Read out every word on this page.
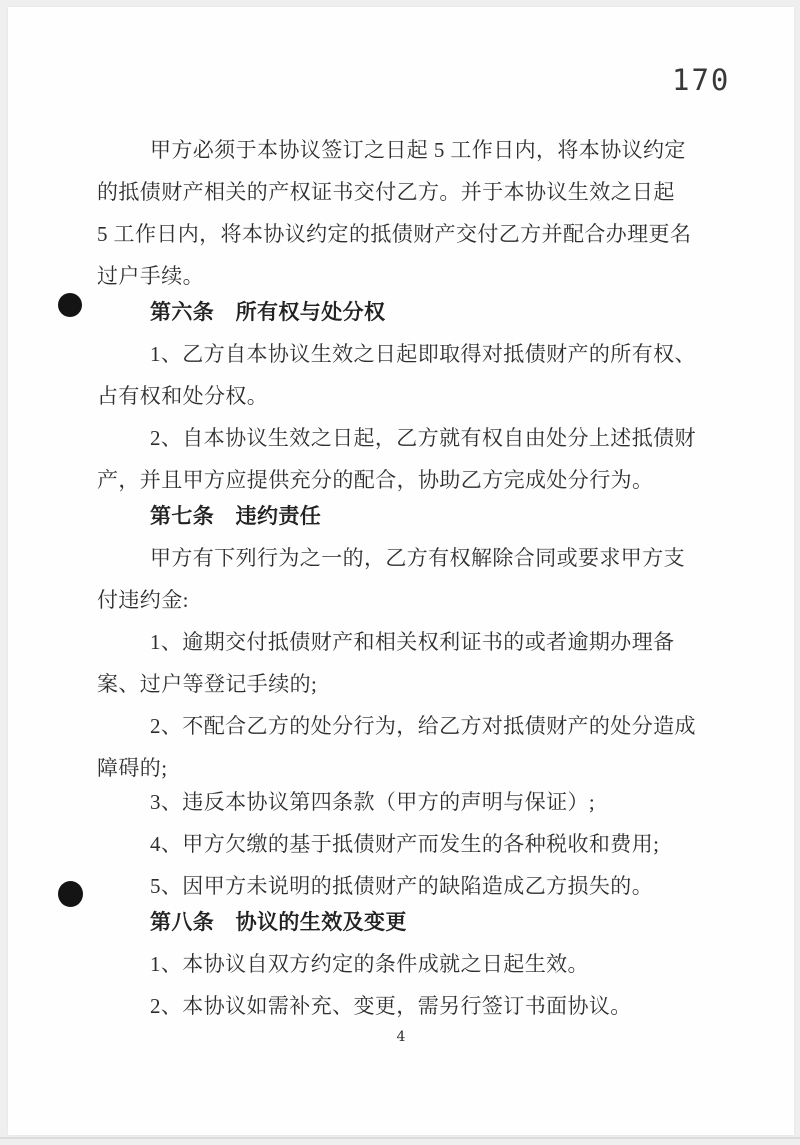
170
甲方必须于本协议签订之日起 5 工作日内，将本协议约定
的抵债财产相关的产权证书交付乙方。并于本协议生效之日起
5 工作日内，将本协议约定的抵债财产交付乙方并配合办理更名
过户手续。
第六条　所有权与处分权
1、乙方自本协议生效之日起即取得对抵债财产的所有权、
占有权和处分权。
2、自本协议生效之日起，乙方就有权自由处分上述抵债财
产，并且甲方应提供充分的配合，协助乙方完成处分行为。
第七条　违约责任
甲方有下列行为之一的，乙方有权解除合同或要求甲方支
付违约金:
1、逾期交付抵债财产和相关权利证书的或者逾期办理备
案、过户等登记手续的;
2、不配合乙方的处分行为，给乙方对抵债财产的处分造成
障碍的;
3、违反本协议第四条款（甲方的声明与保证）;
4、甲方欠缴的基于抵债财产而发生的各种税收和费用;
5、因甲方未说明的抵债财产的缺陷造成乙方损失的。
第八条　协议的生效及变更
1、本协议自双方约定的条件成就之日起生效。
2、本协议如需补充、变更，需另行签订书面协议。
4
